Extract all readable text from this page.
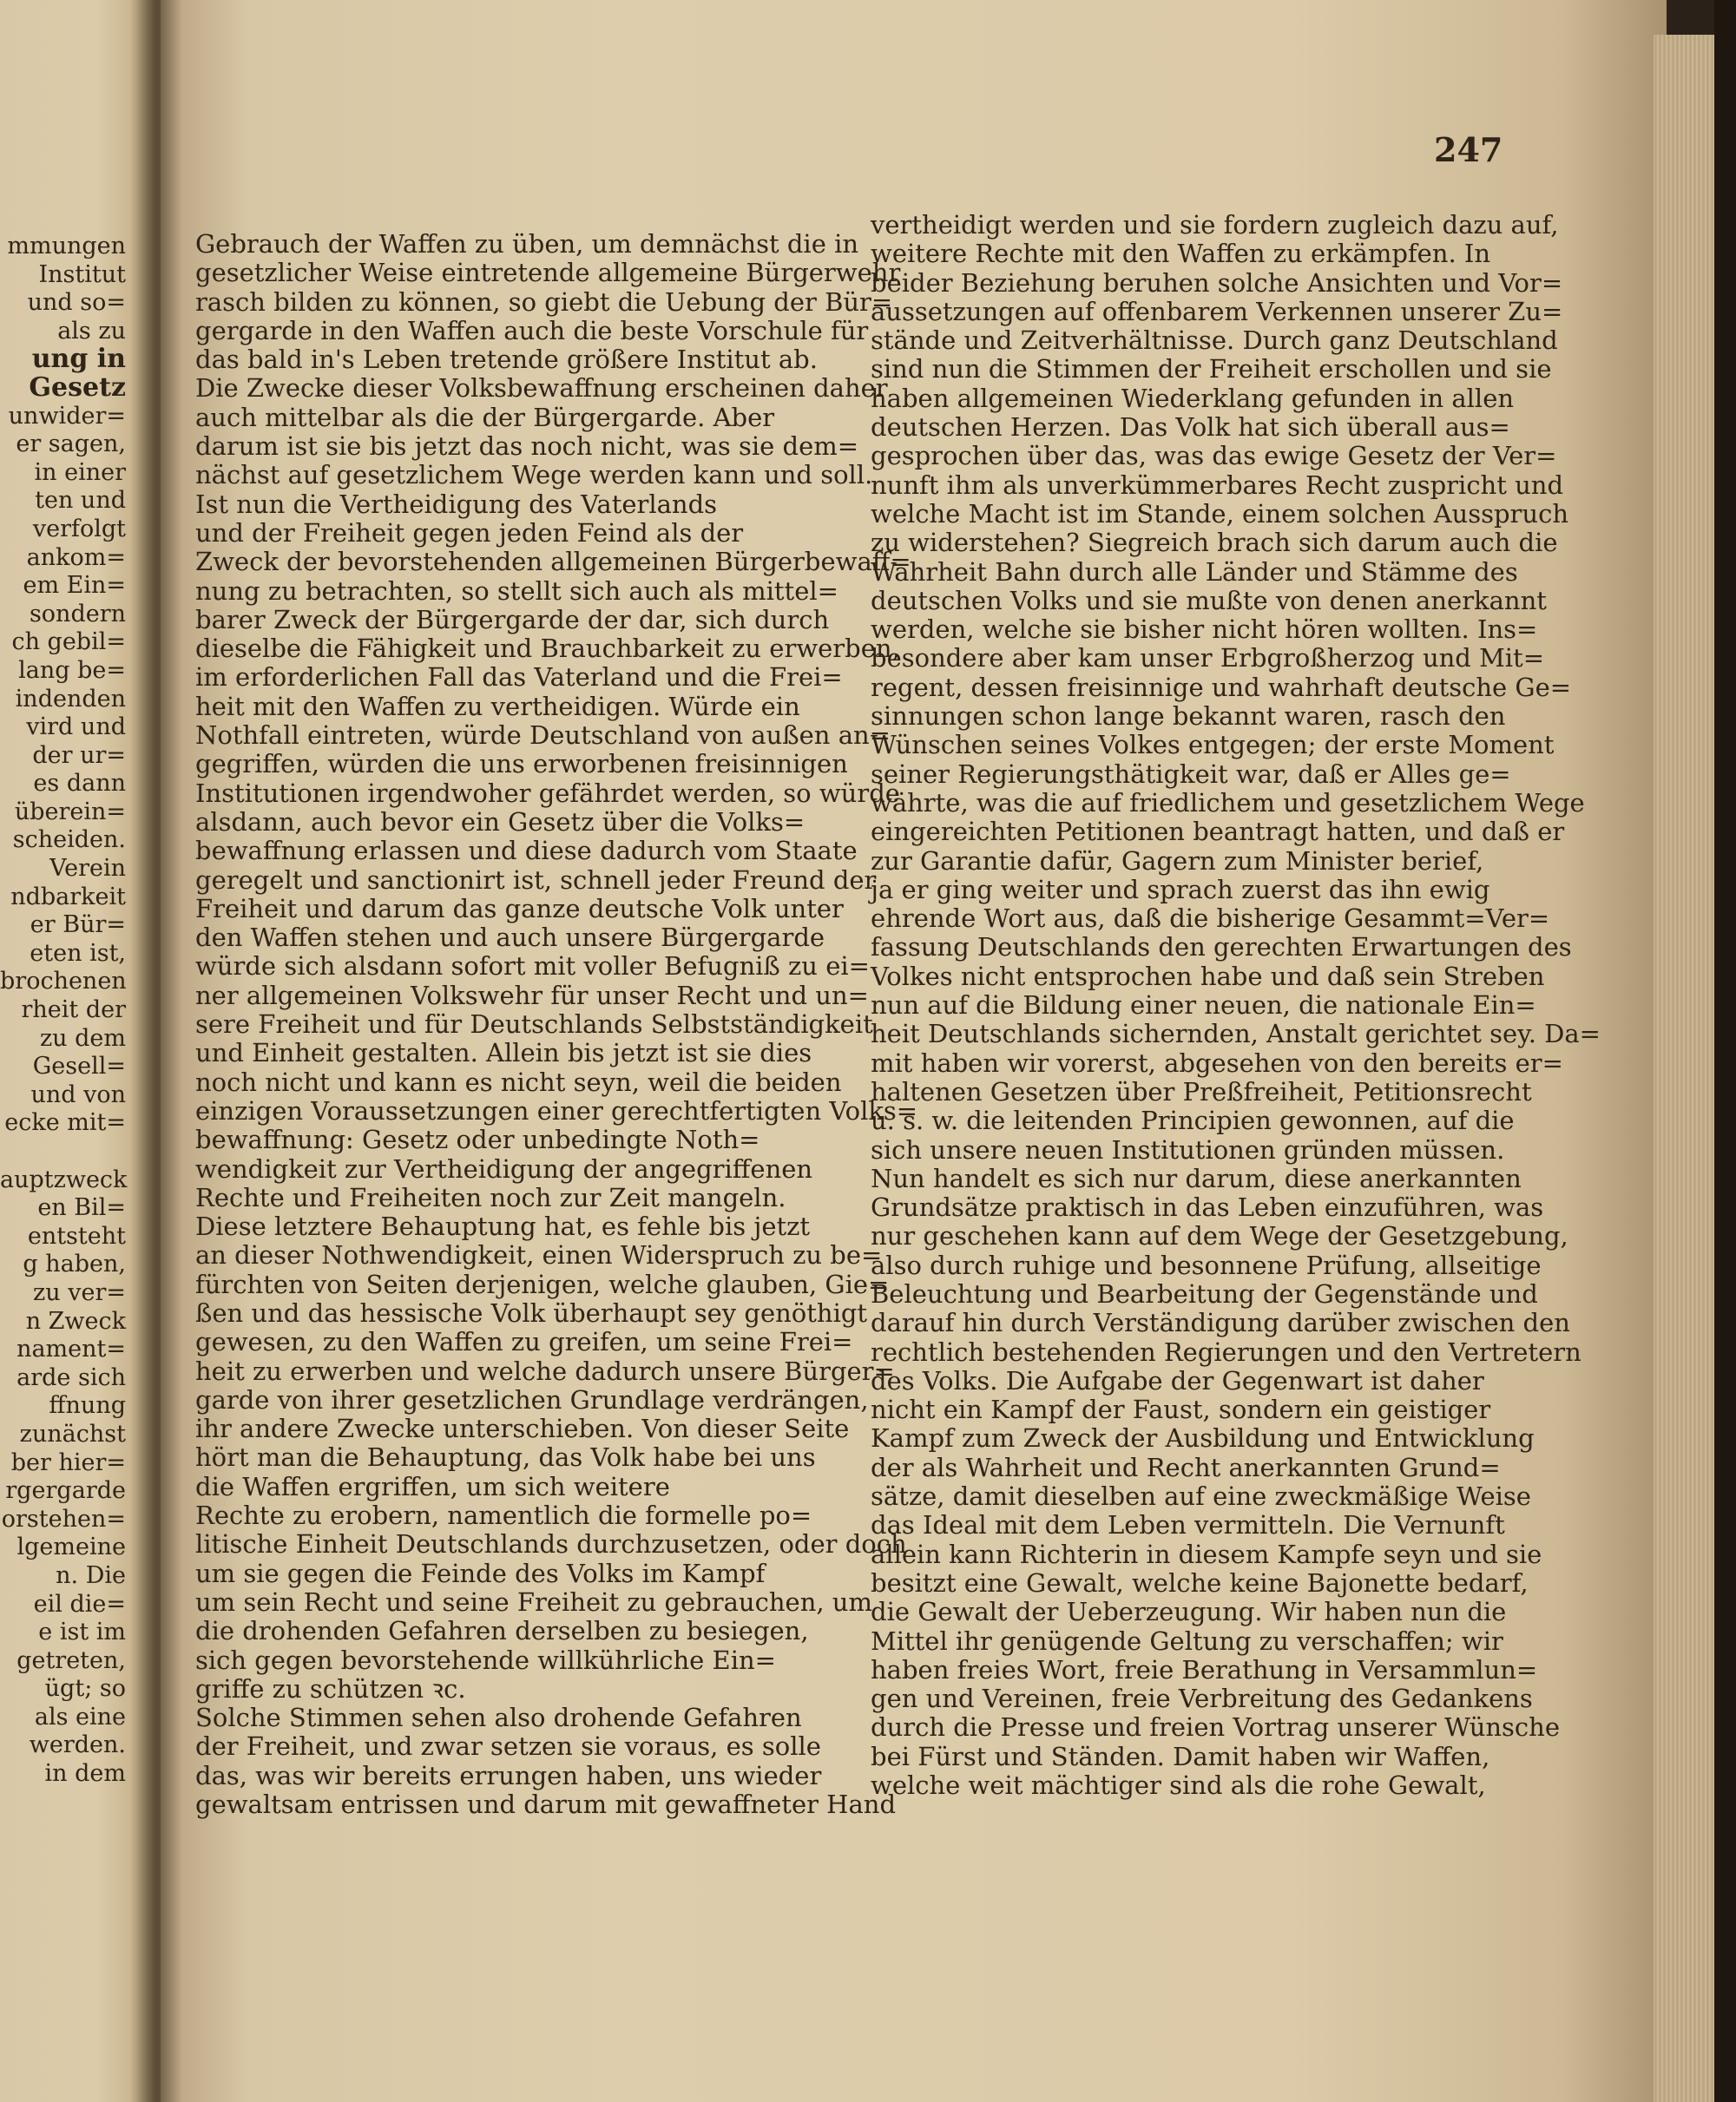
mmungen
Institut
und so=
als zu
ung in
Gesetz
unwider=
er sagen,
in einer
ten und
verfolgt
ankom=
em Ein=
sondern
ch gebil=
lang be=
indenden
vird und
der ur=
es dann
überein=
scheiden.
Verein
ndbarkeit
er Bür=
eten ist,
brochenen
rheit der
zu dem
Gesell=
und von
ecke mit=
auptzweck
en Bil=
entsteht
g haben,
zu ver=
n Zweck
nament=
arde sich
ffnung
zunächst
ber hier=
rgergarde
orstehen=
lgemeine
n. Die
eil die=
e ist im
getreten,
ügt; so
als eine
werden.
in dem
247
Gebrauch der Waffen zu üben, um demnächst die in
gesetzlicher Weise eintretende allgemeine Bürgerwehr
rasch bilden zu können, so giebt die Uebung der Bür=
gergarde in den Waffen auch die beste Vorschule für
das bald in's Leben tretende größere Institut ab.
Die Zwecke dieser Volksbewaffnung erscheinen daher
auch mittelbar als die der Bürgergarde. Aber
darum ist sie bis jetzt das noch nicht, was sie dem=
nächst auf gesetzlichem Wege werden kann und soll.
Ist nun die Vertheidigung des Vaterlands
und der Freiheit gegen jeden Feind als der
Zweck der bevorstehenden allgemeinen Bürgerbewaff=
nung zu betrachten, so stellt sich auch als mittel=
barer Zweck der Bürgergarde der dar, sich durch
dieselbe die Fähigkeit und Brauchbarkeit zu erwerben,
im erforderlichen Fall das Vaterland und die Frei=
heit mit den Waffen zu vertheidigen. Würde ein
Nothfall eintreten, würde Deutschland von außen an=
gegriffen, würden die uns erworbenen freisinnigen
Institutionen irgendwoher gefährdet werden, so würde
alsdann, auch bevor ein Gesetz über die Volks=
bewaffnung erlassen und diese dadurch vom Staate
geregelt und sanctionirt ist, schnell jeder Freund der
Freiheit und darum das ganze deutsche Volk unter
den Waffen stehen und auch unsere Bürgergarde
würde sich alsdann sofort mit voller Befugniß zu ei=
ner allgemeinen Volkswehr für unser Recht und un=
sere Freiheit und für Deutschlands Selbstständigkeit
und Einheit gestalten. Allein bis jetzt ist sie dies
noch nicht und kann es nicht seyn, weil die beiden
einzigen Voraussetzungen einer gerechtfertigten Volks=
bewaffnung: Gesetz oder unbedingte Noth=
wendigkeit zur Vertheidigung der angegriffenen
Rechte und Freiheiten noch zur Zeit mangeln.
Diese letztere Behauptung hat, es fehle bis jetzt
an dieser Nothwendigkeit, einen Widerspruch zu be=
fürchten von Seiten derjenigen, welche glauben, Gie=
ßen und das hessische Volk überhaupt sey genöthigt
gewesen, zu den Waffen zu greifen, um seine Frei=
heit zu erwerben und welche dadurch unsere Bürger=
garde von ihrer gesetzlichen Grundlage verdrängen,
ihr andere Zwecke unterschieben. Von dieser Seite
hört man die Behauptung, das Volk habe bei uns
die Waffen ergriffen, um sich weitere
Rechte zu erobern, namentlich die formelle po=
litische Einheit Deutschlands durchzusetzen, oder doch
um sie gegen die Feinde des Volks im Kampf
um sein Recht und seine Freiheit zu gebrauchen, um
die drohenden Gefahren derselben zu besiegen,
sich gegen bevorstehende willkührliche Ein=
griffe zu schützen ꝛc.
Solche Stimmen sehen also drohende Gefahren
der Freiheit, und zwar setzen sie voraus, es solle
das, was wir bereits errungen haben, uns wieder
gewaltsam entrissen und darum mit gewaffneter Hand
vertheidigt werden und sie fordern zugleich dazu auf,
weitere Rechte mit den Waffen zu erkämpfen. In
beider Beziehung beruhen solche Ansichten und Vor=
aussetzungen auf offenbarem Verkennen unserer Zu=
stände und Zeitverhältnisse. Durch ganz Deutschland
sind nun die Stimmen der Freiheit erschollen und sie
haben allgemeinen Wiederklang gefunden in allen
deutschen Herzen. Das Volk hat sich überall aus=
gesprochen über das, was das ewige Gesetz der Ver=
nunft ihm als unverkümmerbares Recht zuspricht und
welche Macht ist im Stande, einem solchen Ausspruch
zu widerstehen? Siegreich brach sich darum auch die
Wahrheit Bahn durch alle Länder und Stämme des
deutschen Volks und sie mußte von denen anerkannt
werden, welche sie bisher nicht hören wollten. Ins=
besondere aber kam unser Erbgroßherzog und Mit=
regent, dessen freisinnige und wahrhaft deutsche Ge=
sinnungen schon lange bekannt waren, rasch den
Wünschen seines Volkes entgegen; der erste Moment
seiner Regierungsthätigkeit war, daß er Alles ge=
währte, was die auf friedlichem und gesetzlichem Wege
eingereichten Petitionen beantragt hatten, und daß er
zur Garantie dafür, Gagern zum Minister berief,
ja er ging weiter und sprach zuerst das ihn ewig
ehrende Wort aus, daß die bisherige Gesammt=Ver=
fassung Deutschlands den gerechten Erwartungen des
Volkes nicht entsprochen habe und daß sein Streben
nun auf die Bildung einer neuen, die nationale Ein=
heit Deutschlands sichernden, Anstalt gerichtet sey. Da=
mit haben wir vorerst, abgesehen von den bereits er=
haltenen Gesetzen über Preßfreiheit, Petitionsrecht
u. s. w. die leitenden Principien gewonnen, auf die
sich unsere neuen Institutionen gründen müssen.
Nun handelt es sich nur darum, diese anerkannten
Grundsätze praktisch in das Leben einzuführen, was
nur geschehen kann auf dem Wege der Gesetzgebung,
also durch ruhige und besonnene Prüfung, allseitige
Beleuchtung und Bearbeitung der Gegenstände und
darauf hin durch Verständigung darüber zwischen den
rechtlich bestehenden Regierungen und den Vertretern
des Volks. Die Aufgabe der Gegenwart ist daher
nicht ein Kampf der Faust, sondern ein geistiger
Kampf zum Zweck der Ausbildung und Entwicklung
der als Wahrheit und Recht anerkannten Grund=
sätze, damit dieselben auf eine zweckmäßige Weise
das Ideal mit dem Leben vermitteln. Die Vernunft
allein kann Richterin in diesem Kampfe seyn und sie
besitzt eine Gewalt, welche keine Bajonette bedarf,
die Gewalt der Ueberzeugung. Wir haben nun die
Mittel ihr genügende Geltung zu verschaffen; wir
haben freies Wort, freie Berathung in Versammlun=
gen und Vereinen, freie Verbreitung des Gedankens
durch die Presse und freien Vortrag unserer Wünsche
bei Fürst und Ständen. Damit haben wir Waffen,
welche weit mächtiger sind als die rohe Gewalt,
